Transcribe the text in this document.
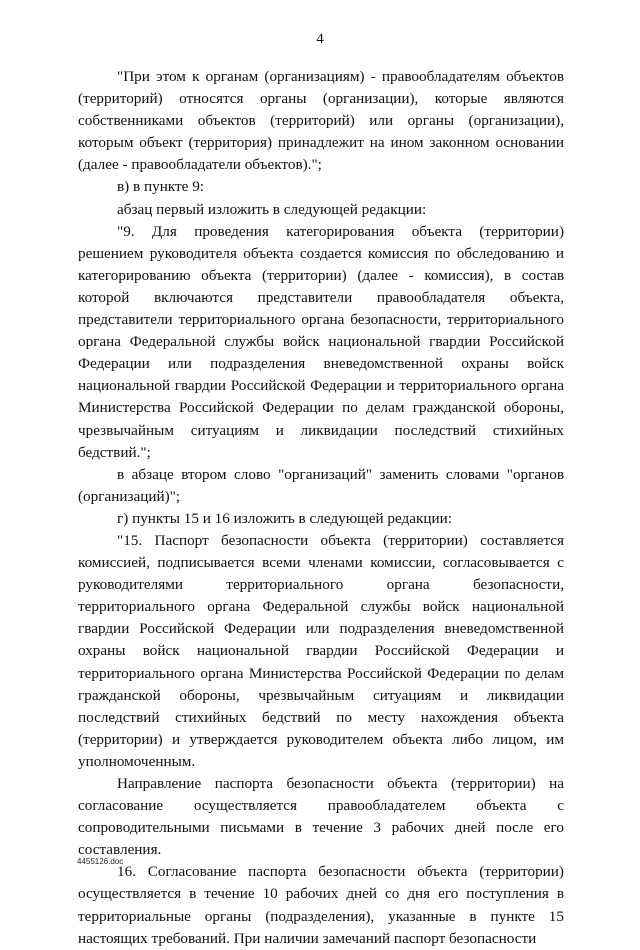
4

"При этом к органам (организациям) - правообладателям объектов (территорий) относятся органы (организации), которые являются собственниками объектов (территорий) или органы (организации), которым объект (территория) принадлежит на ином законном основании (далее - правообладатели объектов).";

в) в пункте 9:

абзац первый изложить в следующей редакции:

"9. Для проведения категорирования объекта (территории) решением руководителя объекта создается комиссия по обследованию и категорированию объекта (территории) (далее - комиссия), в состав которой включаются представители правообладателя объекта, представители территориального органа безопасности, территориального органа Федеральной службы войск национальной гвардии Российской Федерации или подразделения вневедомственной охраны войск национальной гвардии Российской Федерации и территориального органа Министерства Российской Федерации по делам гражданской обороны, чрезвычайным ситуациям и ликвидации последствий стихийных бедствий.";

в абзаце втором слово "организаций" заменить словами "органов (организаций)";

г) пункты 15 и 16 изложить в следующей редакции:

"15. Паспорт безопасности объекта (территории) составляется комиссией, подписывается всеми членами комиссии, согласовывается с руководителями территориального органа безопасности, территориального органа Федеральной службы войск национальной гвардии Российской Федерации или подразделения вневедомственной охраны войск национальной гвардии Российской Федерации и территориального органа Министерства Российской Федерации по делам гражданской обороны, чрезвычайным ситуациям и ликвидации последствий стихийных бедствий по месту нахождения объекта (территории) и утверждается руководителем объекта либо лицом, им уполномоченным.

Направление паспорта безопасности объекта (территории) на согласование осуществляется правообладателем объекта с сопроводительными письмами в течение 3 рабочих дней после его составления.

16. Согласование паспорта безопасности объекта (территории) осуществляется в течение 10 рабочих дней со дня его поступления в территориальные органы (подразделения), указанные в пункте 15 настоящих требований. При наличии замечаний паспорт безопасности

4455126.doc
